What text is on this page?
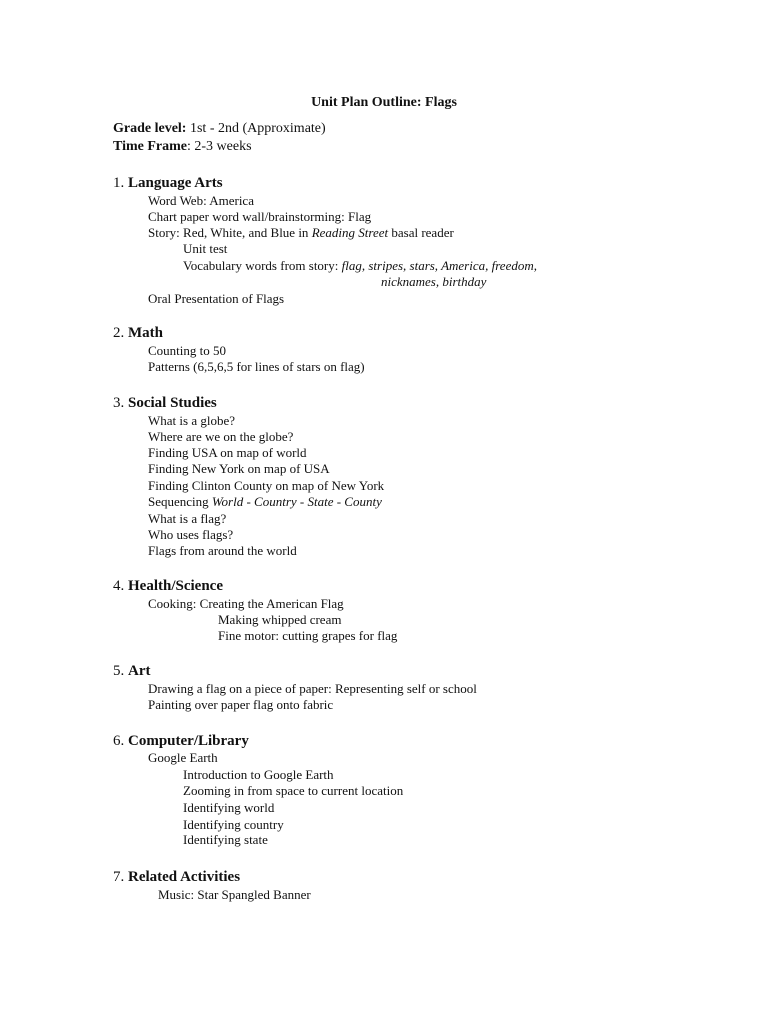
Unit Plan Outline: Flags
Grade level: 1st - 2nd (Approximate)
Time Frame: 2-3 weeks
1. Language Arts
Word Web: America
Chart paper word wall/brainstorming: Flag
Story: Red, White, and Blue in Reading Street basal reader
Unit test
Vocabulary words from story: flag, stripes, stars, America, freedom,
nicknames, birthday
Oral Presentation of Flags
2. Math
Counting to 50
Patterns (6,5,6,5 for lines of stars on flag)
3. Social Studies
What is a globe?
Where are we on the globe?
Finding USA on map of world
Finding New York on map of USA
Finding Clinton County on map of New York
Sequencing World - Country - State - County
What is a flag?
Who uses flags?
Flags from around the world
4. Health/Science
Cooking: Creating the American Flag
Making whipped cream
Fine motor: cutting grapes for flag
5. Art
Drawing a flag on a piece of paper: Representing self or school
Painting over paper flag onto fabric
6. Computer/Library
Google Earth
Introduction to Google Earth
Zooming in from space to current location
Identifying world
Identifying country
Identifying state
7. Related Activities
Music: Star Spangled Banner
